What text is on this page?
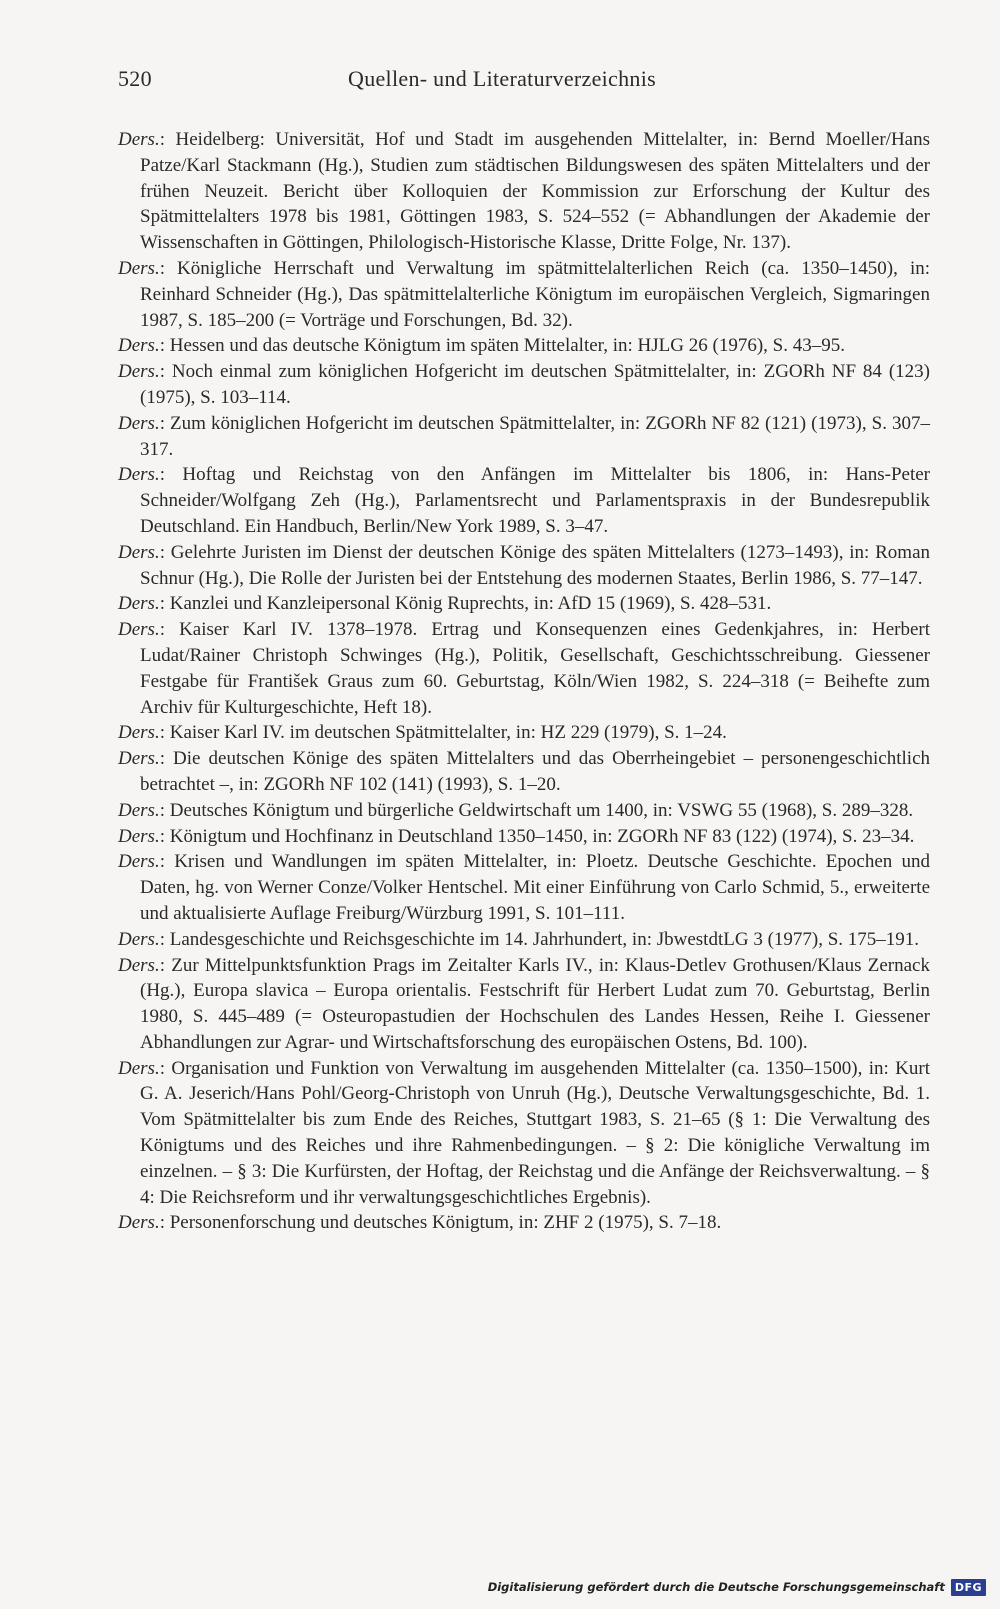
520	Quellen- und Literaturverzeichnis

Ders.: Heidelberg: Universität, Hof und Stadt im ausgehenden Mittelalter, in: Bernd Moeller/Hans Patze/Karl Stackmann (Hg.), Studien zum städtischen Bildungswesen des späten Mittelalters und der frühen Neuzeit. Bericht über Kolloquien der Kommission zur Erforschung der Kultur des Spätmittelalters 1978 bis 1981, Göttingen 1983, S. 524–552 (= Abhandlungen der Akademie der Wissenschaften in Göttingen, Philologisch-Historische Klasse, Dritte Folge, Nr. 137).

Ders.: Königliche Herrschaft und Verwaltung im spätmittelalterlichen Reich (ca. 1350–1450), in: Reinhard Schneider (Hg.), Das spätmittelalterliche Königtum im europäischen Vergleich, Sigmaringen 1987, S. 185–200 (= Vorträge und Forschungen, Bd. 32).

Ders.: Hessen und das deutsche Königtum im späten Mittelalter, in: HJLG 26 (1976), S. 43–95.

Ders.: Noch einmal zum königlichen Hofgericht im deutschen Spätmittelalter, in: ZGORh NF 84 (123) (1975), S. 103–114.

Ders.: Zum königlichen Hofgericht im deutschen Spätmittelalter, in: ZGORh NF 82 (121) (1973), S. 307–317.

Ders.: Hoftag und Reichstag von den Anfängen im Mittelalter bis 1806, in: Hans-Peter Schneider/Wolfgang Zeh (Hg.), Parlamentsrecht und Parlamentspraxis in der Bundesrepublik Deutschland. Ein Handbuch, Berlin/New York 1989, S. 3–47.

Ders.: Gelehrte Juristen im Dienst der deutschen Könige des späten Mittelalters (1273–1493), in: Roman Schnur (Hg.), Die Rolle der Juristen bei der Entstehung des modernen Staates, Berlin 1986, S. 77–147.

Ders.: Kanzlei und Kanzleipersonal König Ruprechts, in: AfD 15 (1969), S. 428–531.

Ders.: Kaiser Karl IV. 1378–1978. Ertrag und Konsequenzen eines Gedenkjahres, in: Herbert Ludat/Rainer Christoph Schwinges (Hg.), Politik, Gesellschaft, Geschichtsschreibung. Giessener Festgabe für František Graus zum 60. Geburtstag, Köln/Wien 1982, S. 224–318 (= Beihefte zum Archiv für Kulturgeschichte, Heft 18).

Ders.: Kaiser Karl IV. im deutschen Spätmittelalter, in: HZ 229 (1979), S. 1–24.

Ders.: Die deutschen Könige des späten Mittelalters und das Oberrheingebiet – personengeschichtlich betrachtet –, in: ZGORh NF 102 (141) (1993), S. 1–20.

Ders.: Deutsches Königtum und bürgerliche Geldwirtschaft um 1400, in: VSWG 55 (1968), S. 289–328.

Ders.: Königtum und Hochfinanz in Deutschland 1350–1450, in: ZGORh NF 83 (122) (1974), S. 23–34.

Ders.: Krisen und Wandlungen im späten Mittelalter, in: Ploetz. Deutsche Geschichte. Epochen und Daten, hg. von Werner Conze/Volker Hentschel. Mit einer Einführung von Carlo Schmid, 5., erweiterte und aktualisierte Auflage Freiburg/Würzburg 1991, S. 101–111.

Ders.: Landesgeschichte und Reichsgeschichte im 14. Jahrhundert, in: JbwestdtLG 3 (1977), S. 175–191.

Ders.: Zur Mittelpunktsfunktion Prags im Zeitalter Karls IV., in: Klaus-Detlev Grothusen/Klaus Zernack (Hg.), Europa slavica – Europa orientalis. Festschrift für Herbert Ludat zum 70. Geburtstag, Berlin 1980, S. 445–489 (= Osteuropastudien der Hochschulen des Landes Hessen, Reihe I. Giessener Abhandlungen zur Agrar- und Wirtschaftsforschung des europäischen Ostens, Bd. 100).

Ders.: Organisation und Funktion von Verwaltung im ausgehenden Mittelalter (ca. 1350–1500), in: Kurt G. A. Jeserich/Hans Pohl/Georg-Christoph von Unruh (Hg.), Deutsche Verwaltungsgeschichte, Bd. 1. Vom Spätmittelalter bis zum Ende des Reiches, Stuttgart 1983, S. 21–65 (§ 1: Die Verwaltung des Königtums und des Reiches und ihre Rahmenbedingungen. – § 2: Die königliche Verwaltung im einzelnen. – § 3: Die Kurfürsten, der Hoftag, der Reichstag und die Anfänge der Reichsverwaltung. – § 4: Die Reichsreform und ihr verwaltungsgeschichtliches Ergebnis).

Ders.: Personenforschung und deutsches Königtum, in: ZHF 2 (1975), S. 7–18.

Digitalisierung gefördert durch die Deutsche Forschungsgemeinschaft DFG
